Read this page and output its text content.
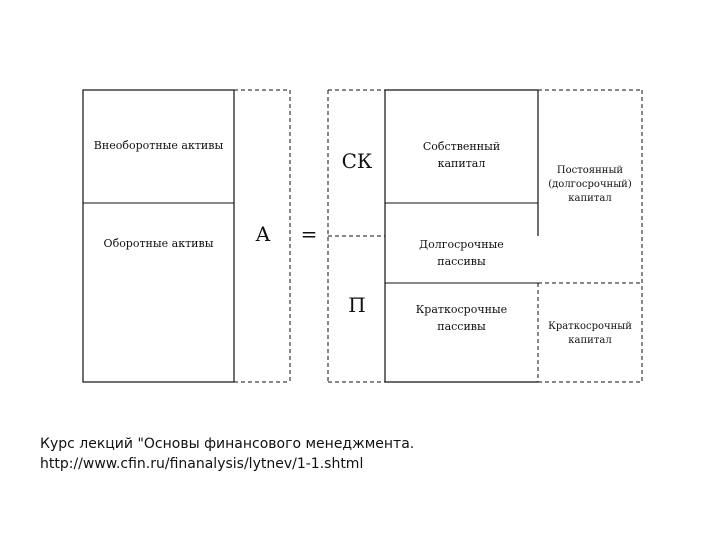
Внеоборотные активы
Оборотные активы	А	=
СК
П
Собственный
капитал
Долгосрочные
пассивы
Краткосрочные
пассивы
Постоянный
(долгосрочный)
капитал
Краткосрочный
капитал
Курс лекций "Основы финансового менеджмента.
http://www.cfin.ru/finanalysis/lytnev/1-1.shtml
